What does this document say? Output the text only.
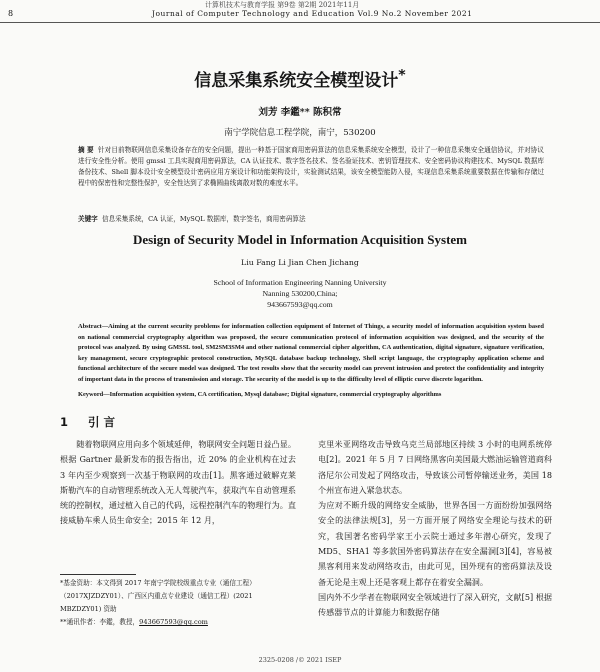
计算机技术与教育学报 第9卷 第2期 2021年11月
8	Journal of Computer Technology and Education Vol.9 No.2 November 2021
信息采集系统安全模型设计*
刘芳 李鑑** 陈积常
南宁学院信息工程学院，南宁，530200
摘 要 针对目前物联网信息采集设备存在的安全问题，提出一种基于国家商用密码算法的信息采集系统安全模型，设计了一种信息采集安全通信协议，并对协议进行安全性分析。使用 gmssl 工具实现商用密码算法，CA 认证技术、数字签名技术、签名验证技术、密钥管理技术、安全密码协议构建技术、MySQL 数据库备份技术、Shell 脚本设计安全模型设计密码应用方案设计和功能架构设计，实验测试结果，该安全模型能防入侵，实现信息采集系统重要数据在传输和存储过程中的保密性和完整性保护，安全性达到了求椭圆曲线离散对数的难度水平。
关键字 信息采集系统，CA 认证，MySQL 数据库，数字签名，商用密码算法
Design of Security Model in Information Acquisition System
Liu Fang Li Jian Chen Jichang
School of Information Engineering Nanning University
Nanning 530200,China;
943667593@qq.com
Abstract—Aiming at the current security problems for information collection equipment of Internet of Things, a security model of information acquisition system based on national commercial cryptography algorithm was proposed, the secure communication protocol of information acquisition was designed, and the security of the protocol was analyzed. By using GMSSL tool, SM2SM3SM4 and other national commercial cipher algorithm, CA authentication, digital signature, signature verification, key management, secure cryptographic protocol construction, MySQL database backup technology, Shell script language, the cryptography application scheme and functional architecture of the secure model was designed. The test results show that the security model can prevent intrusion and protect the confidentiality and integrity of important data in the process of transmission and storage. The security of the model is up to the difficulty level of elliptic curve discrete logarithm.
Keyword—Information acquisition system, CA certification, Mysql database; Digital signature, commercial cryptography algorithms
1 引 言
随着物联网应用向多个领域延伸，物联网安全问题日益凸显。根据 Gartner 最新发布的报告指出，近 20% 的企业机构在过去 3 年内至少观察到一次基于物联网的攻击[1]。黑客通过破解克莱斯勒汽车的自动管理系统改入无人驾驶汽车，获取汽车自动管理系统的控制权，通过植入自己的代码，远程控制汽车的物理行为。直接威胁车乘人员生命安全；2015 年 12 月，
克里米亚网络攻击导致乌克兰局部地区持续 3 小时的电网系统停电[2]。2021 年 5 月 7 日网络黑客向美国最大燃油运输管道商科洛尼尔公司发起了网络攻击，导致该公司暂停输送业务，美国 18 个州宣布进入紧急状态。
为应对不断升级的网络安全威胁，世界各国一方面纷纷加强网络安全的法律法规[3]，另一方面开展了网络安全理论与技术的研究，我国著名密码学家王小云院士通过多年潜心研究，发现了 MD5、SHA1 等多款国外密码算法存在安全漏洞[3][4]，容易被黑客利用来发动网络攻击，由此可见，国外现有的密码算法及设备无论是主观上还是客观上都存在着安全漏洞。
国内外不少学者在物联网安全领域进行了深入研究，文献[5] 根据传感器节点的计算能力和数据存储
*基金资助：本文得到 2017 年南宁学院校级重点专业（通信工程）（2017XJZDZY01）、广西区内重点专业建设（通信工程）(2021 MBZDZY01) 资助
**通讯作者：李鑑，教授，943667593@qq.com
2325-0208 /© 2021 ISEP
